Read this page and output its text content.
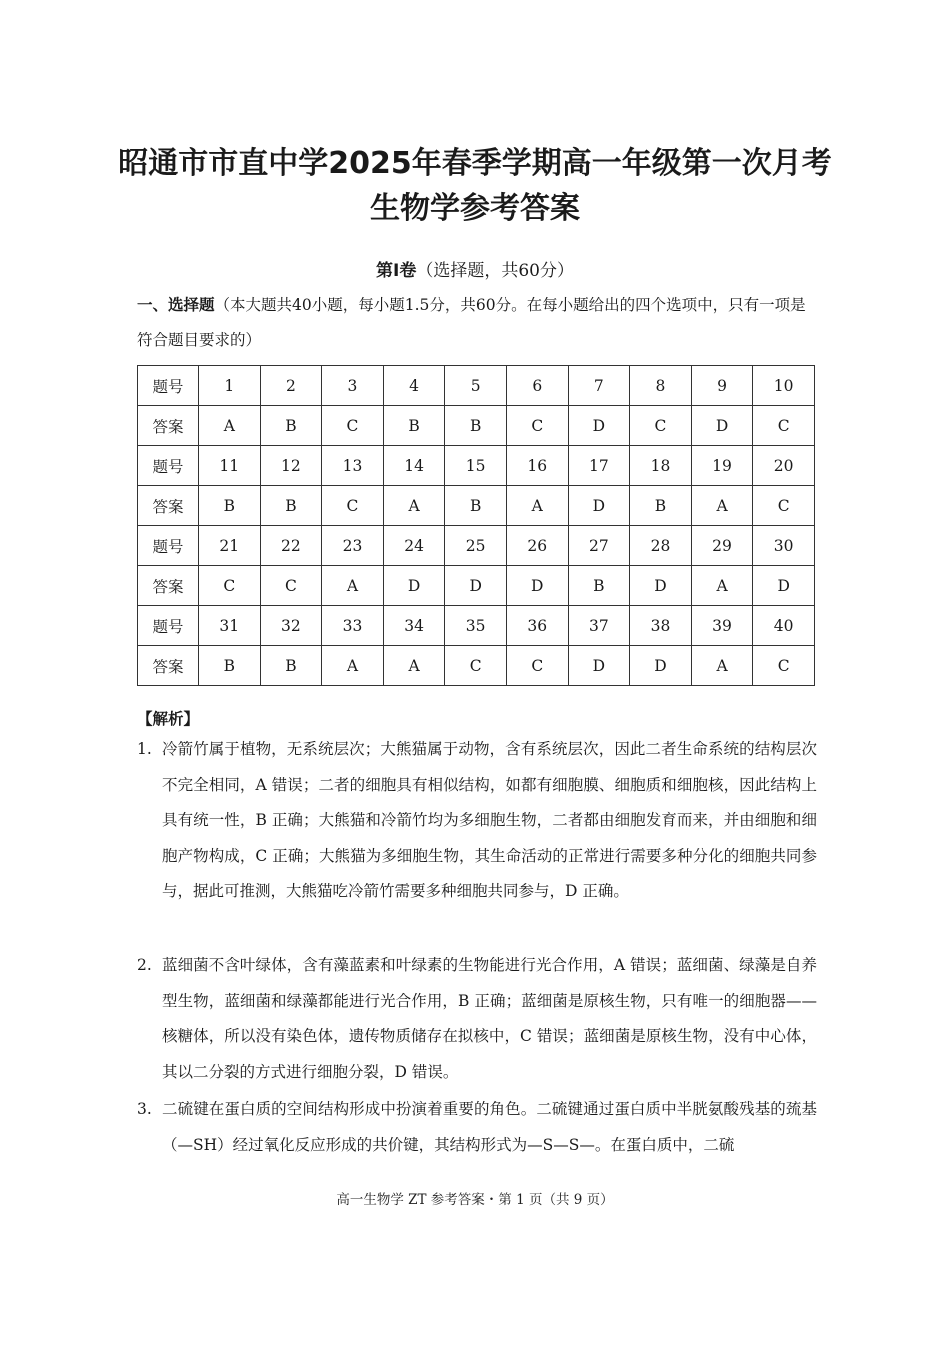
昭通市市直中学2025年春季学期高一年级第一次月考
生物学参考答案
第Ⅰ卷（选择题，共60分）
一、选择题（本大题共40小题，每小题1.5分，共60分。在每小题给出的四个选项中，只有一项是符合题目要求的）
题号	1	2	3	4	5	6	7	8	9	10
答案	A	B	C	B	B	C	D	C	D	C
题号	11	12	13	14	15	16	17	18	19	20
答案	B	B	C	A	B	A	D	B	A	C
题号	21	22	23	24	25	26	27	28	29	30
答案	C	C	A	D	D	D	B	D	A	D
题号	31	32	33	34	35	36	37	38	39	40
答案	B	B	A	A	C	C	D	D	A	C
【解析】
1. 冷箭竹属于植物，无系统层次；大熊猫属于动物，含有系统层次，因此二者生命系统的结构层次不完全相同，A 错误；二者的细胞具有相似结构，如都有细胞膜、细胞质和细胞核，因此结构上具有统一性，B 正确；大熊猫和冷箭竹均为多细胞生物，二者都由细胞发育而来，并由细胞和细胞产物构成，C 正确；大熊猫为多细胞生物，其生命活动的正常进行需要多种分化的细胞共同参与，据此可推测，大熊猫吃冷箭竹需要多种细胞共同参与，D 正确。
2. 蓝细菌不含叶绿体，含有藻蓝素和叶绿素的生物能进行光合作用，A 错误；蓝细菌、绿藻是自养型生物，蓝细菌和绿藻都能进行光合作用，B 正确；蓝细菌是原核生物，只有唯一的细胞器——核糖体，所以没有染色体，遗传物质储存在拟核中，C 错误；蓝细菌是原核生物，没有中心体，其以二分裂的方式进行细胞分裂，D 错误。
3. 二硫键在蛋白质的空间结构形成中扮演着重要的角色。二硫键通过蛋白质中半胱氨酸残基的巯基（—SH）经过氧化反应形成的共价键，其结构形式为—S—S—。在蛋白质中，二硫
高一生物学 ZT 参考答案・第 1 页（共 9 页）
